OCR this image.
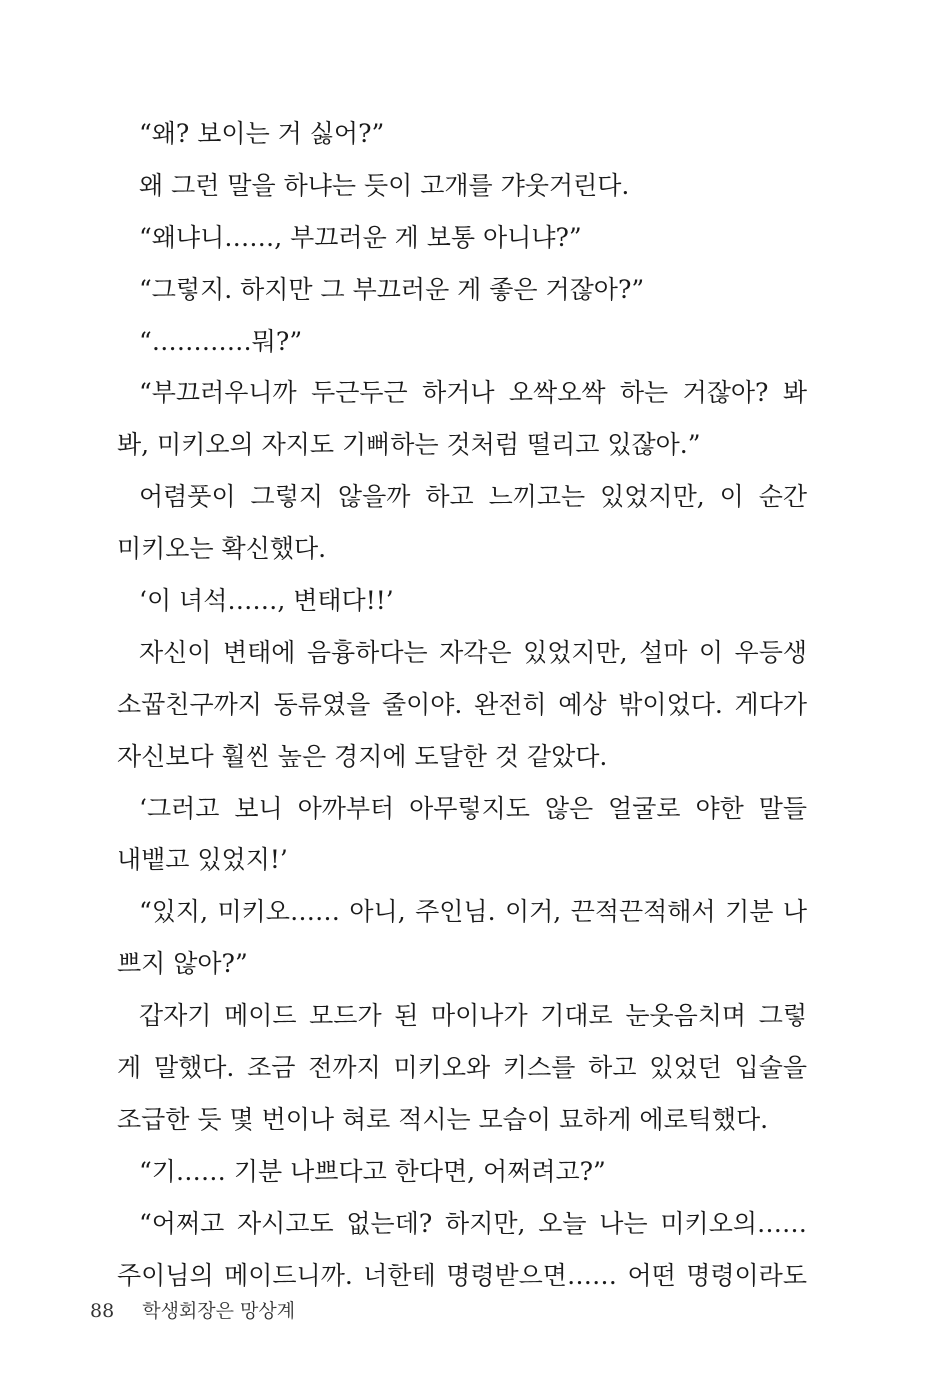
“왜? 보이는 거 싫어?”
왜 그런 말을 하냐는 듯이 고개를 갸웃거린다.
“왜냐니……, 부끄러운 게 보통 아니냐?”
“그렇지. 하지만 그 부끄러운 게 좋은 거잖아?”
“…………뭐?”
“부끄러우니까 두근두근 하거나 오싹오싹 하는 거잖아? 봐
봐, 미키오의 자지도 기뻐하는 것처럼 떨리고 있잖아.”
어렴풋이 그렇지 않을까 하고 느끼고는 있었지만, 이 순간
미키오는 확신했다.
‘이 녀석……, 변태다!!’
자신이 변태에 음흉하다는 자각은 있었지만, 설마 이 우등생
소꿉친구까지 동류였을 줄이야. 완전히 예상 밖이었다. 게다가
자신보다 훨씬 높은 경지에 도달한 것 같았다.
‘그러고 보니 아까부터 아무렇지도 않은 얼굴로 야한 말들
내뱉고 있었지!’
“있지, 미키오…… 아니, 주인님. 이거, 끈적끈적해서 기분 나
쁘지 않아?”
갑자기 메이드 모드가 된 마이나가 기대로 눈웃음치며 그렇
게 말했다. 조금 전까지 미키오와 키스를 하고 있었던 입술을
조급한 듯 몇 번이나 혀로 적시는 모습이 묘하게 에로틱했다.
“기…… 기분 나쁘다고 한다면, 어쩌려고?”
“어쩌고 자시고도 없는데? 하지만, 오늘 나는 미키오의……
주이님의 메이드니까. 너한테 명령받으면…… 어떤 명령이라도
88 학생회장은 망상계
